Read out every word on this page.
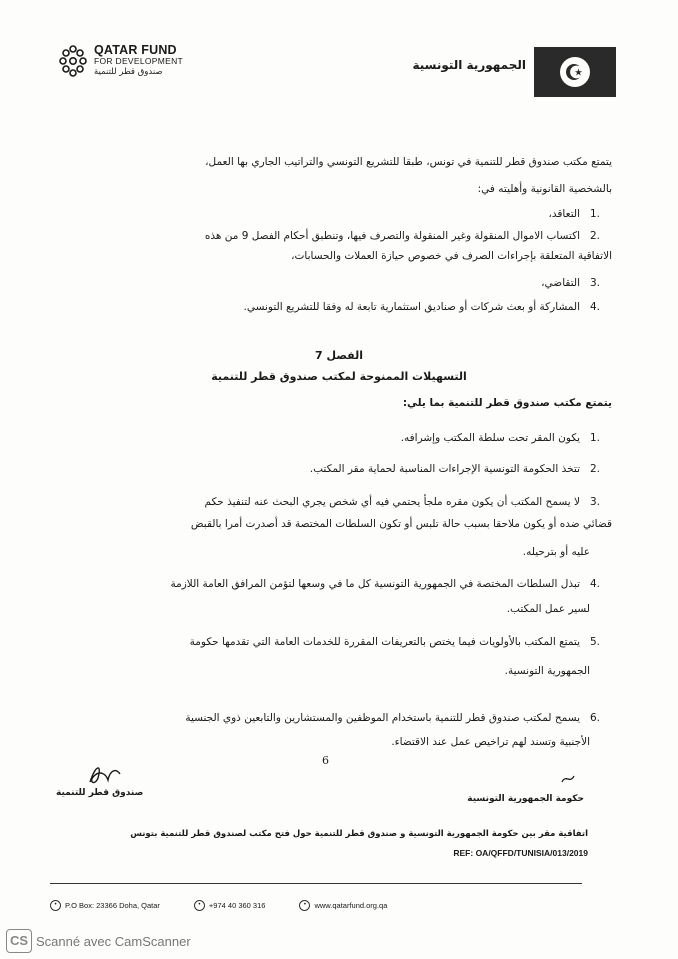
QATAR FUND
FOR DEVELOPMENT
صندوق قطر للتنمية	الجمهورية التونسية
يتمتع مكتب صندوق قطر للتنمية في تونس، طبقا للتشريع التونسي والتراتيب الجاري بها العمل،
بالشخصية القانونية وأهليته في:
.1
التعاقد،
.2
اكتساب الاموال المنقولة وغير المنقولة والتصرف فيها، وتنطبق أحكام الفصل 9 من هذه
الاتفاقية المتعلقة بإجراءات الصرف في خصوص حيازة العملات والحسابات،
.3
التقاضي،
.4
المشاركة أو بعث شركات أو صناديق استثمارية تابعة له وفقا للتشريع التونسي.
الفصل 7
التسهيلات الممنوحة لمكتب صندوق قطر للتنمية
يتمتع مكتب صندوق قطر للتنمية بما يلي:
.1
يكون المقر تحت سلطة المكتب وإشرافه.
.2
تتخذ الحكومة التونسية الإجراءات المناسبة لحماية مقر المكتب.
.3
لا يسمح المكتب أن يكون مقره ملجأ يحتمي فيه أي شخص يجري البحث عنه لتنفيذ حكم
قضائي ضده أو يكون ملاحقا بسبب حالة تلبس أو تكون السلطات المختصة قد أصدرت أمرا بالقبض
عليه أو بترحيله.
.4
تبذل السلطات المختصة في الجمهورية التونسية كل ما في وسعها لتؤمن المرافق العامة اللازمة
لسير عمل المكتب.
.5
يتمتع المكتب بالأولويات فيما يختص بالتعريفات المقررة للخدمات العامة التي تقدمها حكومة
الجمهورية التونسية.
.6
يسمح لمكتب صندوق قطر للتنمية باستخدام الموظفين والمستشارين والتابعين ذوي الجنسية
الأجنبية وتسند لهم تراخيص عمل عند الاقتضاء.
6
صندوق قطر للتنمية
حكومة الجمهورية التونسية
اتفاقية مقر بين حكومة الجمهورية التونسية و صندوق قطر للتنمية حول فتح مكتب لصندوق قطر للتنمية بتونس
REF: OA/QFFD/TUNISIA/013/2019
•	P.O Box: 23366 Doha, Qatar	•	+974 40 360 316	•	www.qatarfund.org.qa
CS Scanné avec CamScanner
